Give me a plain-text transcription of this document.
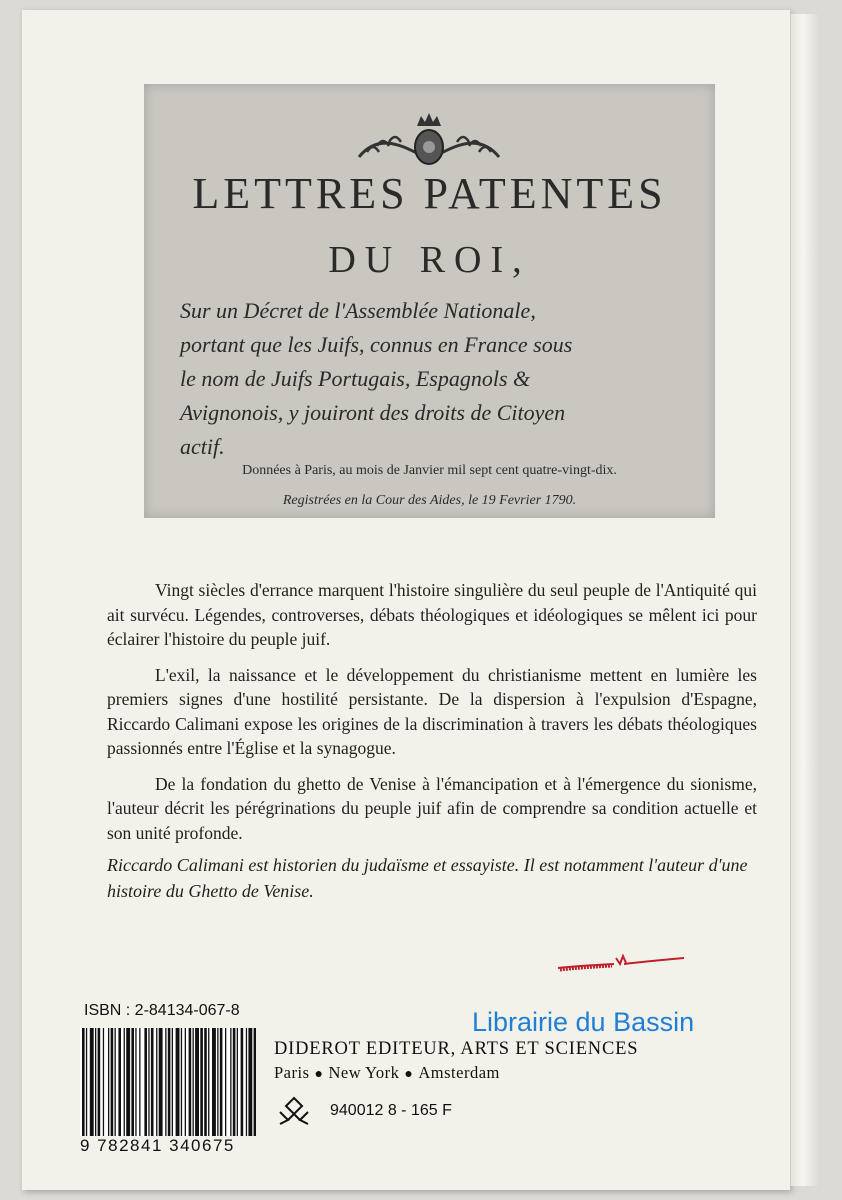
LETTRES PATENTES
DU ROI,
Sur un Décret de l'Assemblée Nationale,
portant que les Juifs, connus en France sous
le nom de Juifs Portugais, Espagnols &
Avignonois, y jouiront des droits de Citoyen
actif.
Données à Paris, au mois de Janvier mil sept cent quatre-vingt-dix.
Registrées en la Cour des Aides, le 19 Fevrier 1790.

Vingt siècles d'errance marquent l'histoire singulière du seul peuple de l'Antiquité qui ait survécu. Légendes, controverses, débats théologiques et idéologiques se mêlent ici pour éclairer l'histoire du peuple juif.

L'exil, la naissance et le développement du christianisme mettent en lumière les premiers signes d'une hostilité persistante. De la dispersion à l'expulsion d'Espagne, Riccardo Calimani expose les origines de la discrimination à travers les débats théologiques passionnés entre l'Église et la synagogue.

De la fondation du ghetto de Venise à l'émancipation et à l'émergence du sionisme, l'auteur décrit les pérégrinations du peuple juif afin de comprendre sa condition actuelle et son unité profonde.

Riccardo Calimani est historien du judaïsme et essayiste. Il est notamment l'auteur d'une histoire du Ghetto de Venise.
ISBN : 2-84134-067-8
9 782841 340675
Librairie du Bassin
DIDEROT EDITEUR, ARTS ET SCIENCES
Paris ● New York ● Amsterdam
940012 8 - 165 F
